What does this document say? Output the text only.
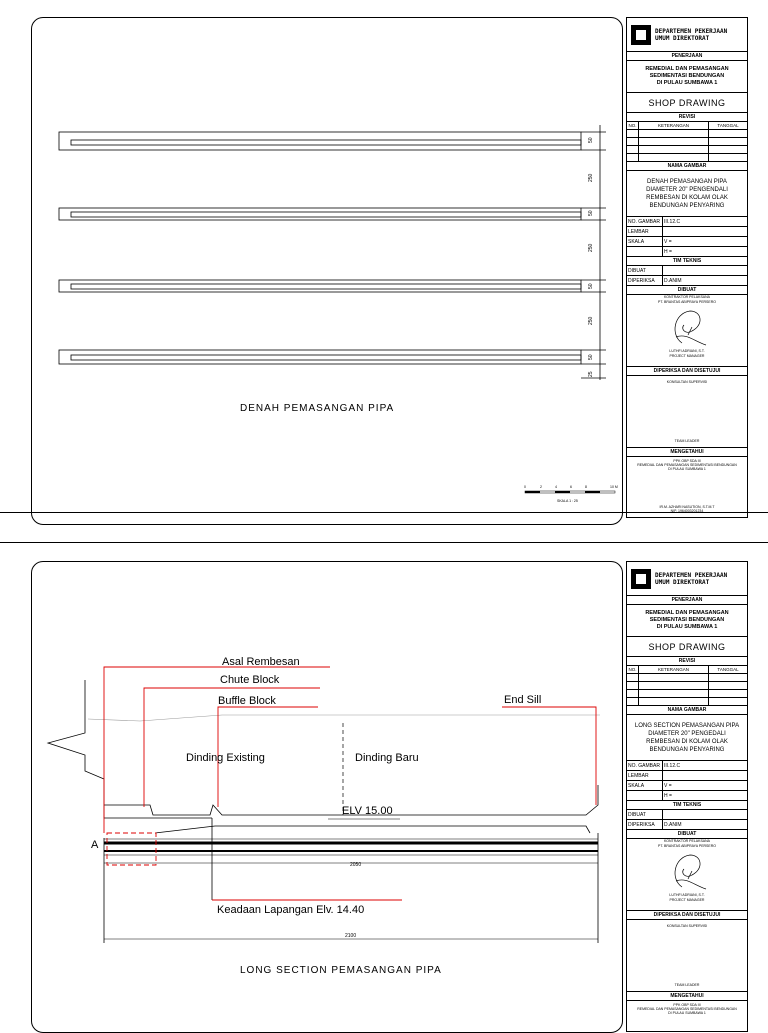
50
250
50
250
50
250
50
25
0	2	4	6	8	10 M
SKALA 1 : 25
DENAH PEMASANGAN PIPA
DEPARTEMEN PEKERJAAN
UMUM DIREKTORAT
PENERJAAN
REMEDIAL DAN PEMASANGAN
SEDIMENTASI BENDUNGAN
DI PULAU SUMBAWA 1
SHOP DRAWING
REVISI
NO.	KETERANGAN	TANGGAL
NAMA GAMBAR
DENAH PEMASANGAN PIPA
DIAMETER 20" PENGENDALI
REMBESAN DI KOLAM OLAK
BENDUNGAN PENYARING
NO. GAMBAR III.12.C
LEMBAR
SKALA	V =
H =
TIM TEKNIS
DIBUAT
DIPERIKSA	D.ANIM
DIBUAT
KONTRAKTOR PELAKSANA
PT. BRANTAS ABIPRAYA PERSERO
LUTHFI ADRIANI, S.T.
PROJECT MANAGER
DIPERIKSA DAN DISETUJUI
KONSULTAN SUPERVISI
TEAM LEADER
MENGETAHUI
PPK OBP SDA III
REMEDIAL DAN PEMASANGAN SEDIMENTASI BENDUNGAN
DI PULAU SUMBAWA 1
IR.M. AZHARI NASUTION, S.T.M.T
NIP. 1964003201234
2050
2100
Asal Rembesan
Chute Block
Buffle Block	End Sill
Dinding Existing	Dinding Baru
ELV 15.00
A
Keadaan Lapangan Elv. 14.40
LONG SECTION PEMASANGAN PIPA
DEPARTEMEN PEKERJAAN
UMUM DIREKTORAT
PENERJAAN
REMEDIAL DAN PEMASANGAN
SEDIMENTASI BENDUNGAN
DI PULAU SUMBAWA 1
SHOP DRAWING
REVISI
NO.	KETERANGAN	TANGGAL
NAMA GAMBAR
LONG SECTION PEMASANGAN PIPA
DIAMETER 20" PENGEDALI
REMBESAN DI KOLAM OLAK
BENDUNGAN PENYARING
NO. GAMBAR III.12.C
LEMBAR
SKALA	V =
H =
TIM TEKNIS
DIBUAT
DIPERIKSA	D.ANIM
DIBUAT
KONTRAKTOR PELAKSANA
PT. BRANTAS ABIPRAYA PERSERO
LUTHFI ADRIANI, S.T.
PROJECT MANAGER
DIPERIKSA DAN DISETUJUI
KONSULTAN SUPERVISI
TEAM LEADER
MENGETAHUI
PPK OBP SDA III
REMEDIAL DAN PEMASANGAN SEDIMENTASI BENDUNGAN
DI PULAU SUMBAWA 1
